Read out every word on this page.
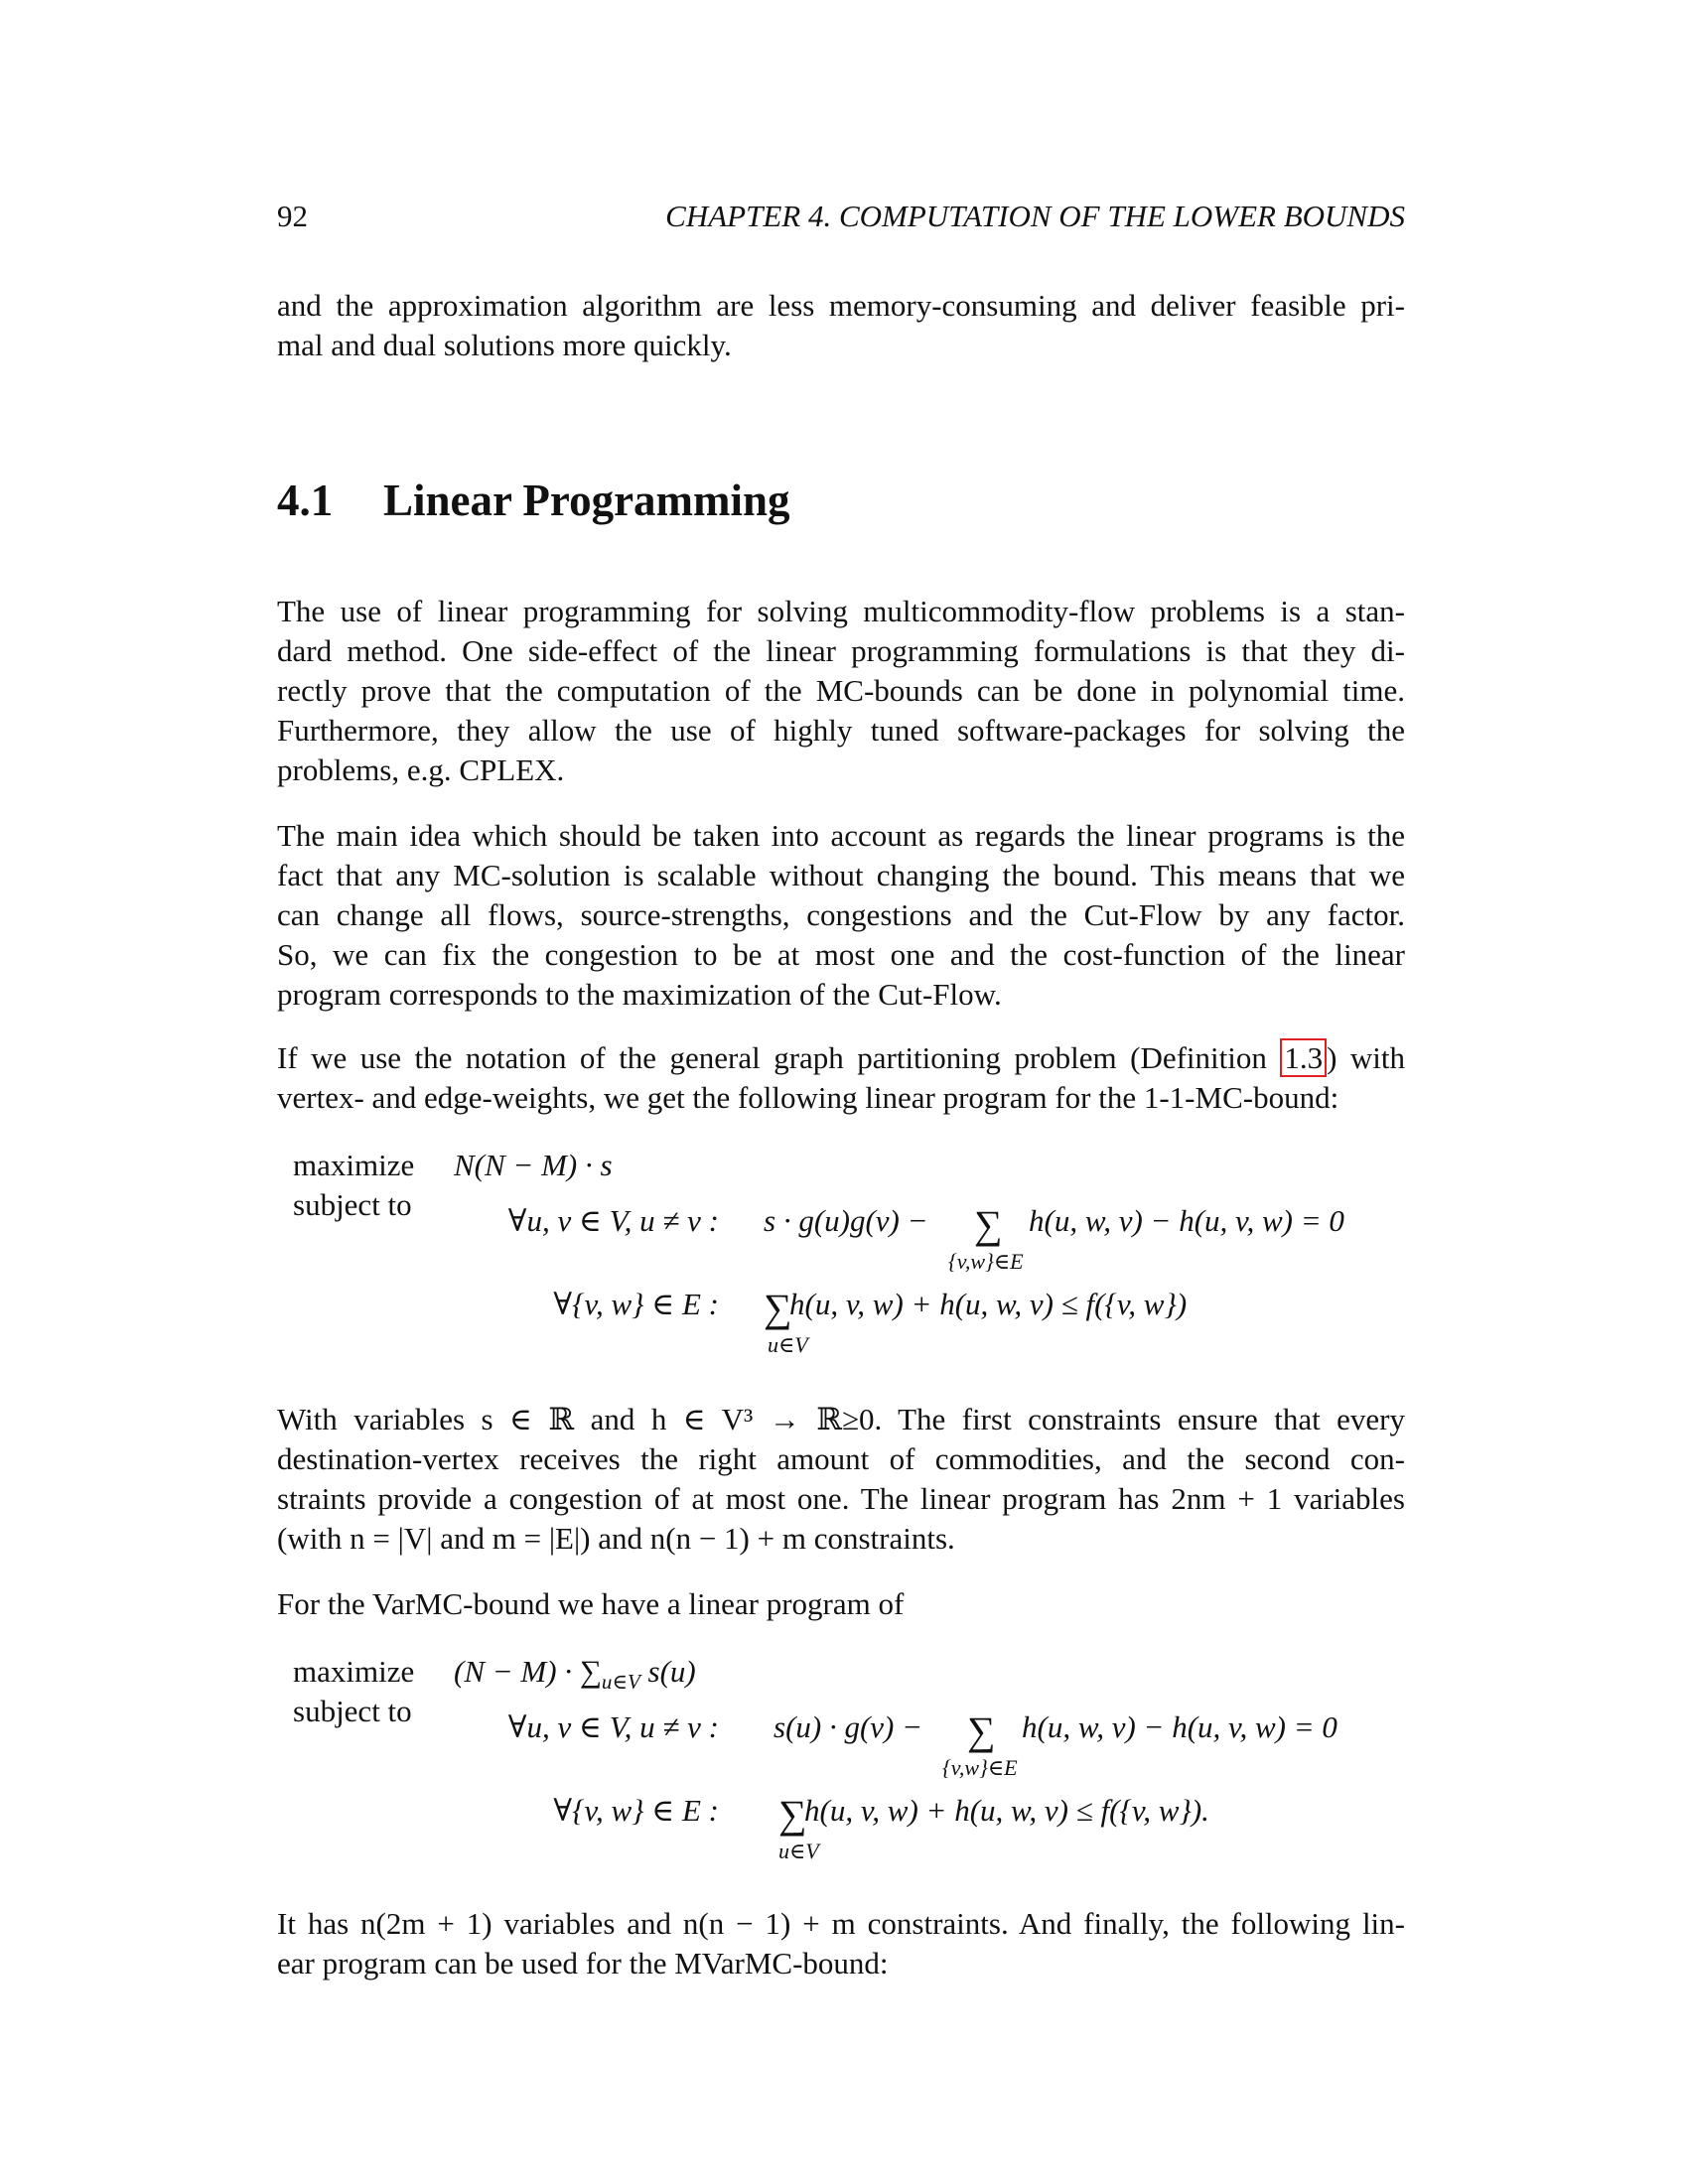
92	CHAPTER 4. COMPUTATION OF THE LOWER BOUNDS

and the approximation algorithm are less memory-consuming and deliver feasible pri-
mal and dual solutions more quickly.

4.1 Linear Programming

The use of linear programming for solving multicommodity-flow problems is a stan-
dard method. One side-effect of the linear programming formulations is that they di-
rectly prove that the computation of the MC-bounds can be done in polynomial time.
Furthermore, they allow the use of highly tuned software-packages for solving the
problems, e.g. CPLEX.

The main idea which should be taken into account as regards the linear programs is the
fact that any MC-solution is scalable without changing the bound. This means that we
can change all flows, source-strengths, congestions and the Cut-Flow by any factor.
So, we can fix the congestion to be at most one and the cost-function of the linear
program corresponds to the maximization of the Cut-Flow.

If we use the notation of the general graph partitioning problem (Definition 1.3 ) with
vertex- and edge-weights, we get the following linear program for the 1-1-MC-bound:

maximize
subject to
N(N − M) · s
∀u, v ∈ V, u ≠ v : s · g(u)g(v) − ∑ h(u, w, v) − h(u, v, w) = 0
{v,w}∈E
∀{v, w} ∈ E : ∑
h(u, v, w) + h(u, w, v) ≤ f({v, w})
u∈V

With variables s ∈ ℝ and h ∈ V³ → ℝ≥0. The first constraints ensure that every
destination-vertex receives the right amount of commodities, and the second con-
straints provide a congestion of at most one. The linear program has 2nm + 1 variables
(with n = |V| and m = |E|) and n(n − 1) + m constraints.

For the VarMC-bound we have a linear program of

maximize
subject to
$(N - M) \cdot \sum_{u\in V}$ s(u)
∀u, v ∈ V, u ≠ v : s(u) · g(v) − ∑ h(u, w, v) − h(u, v, w) = 0
{v,w}∈E
∀{v, w} ∈ E : ∑
h(u, v, w) + h(u, w, v) ≤ f({v, w}).
u∈V

It has n(2m + 1) variables and n(n − 1) + m constraints. And finally, the following lin-
ear program can be used for the MVarMC-bound:
